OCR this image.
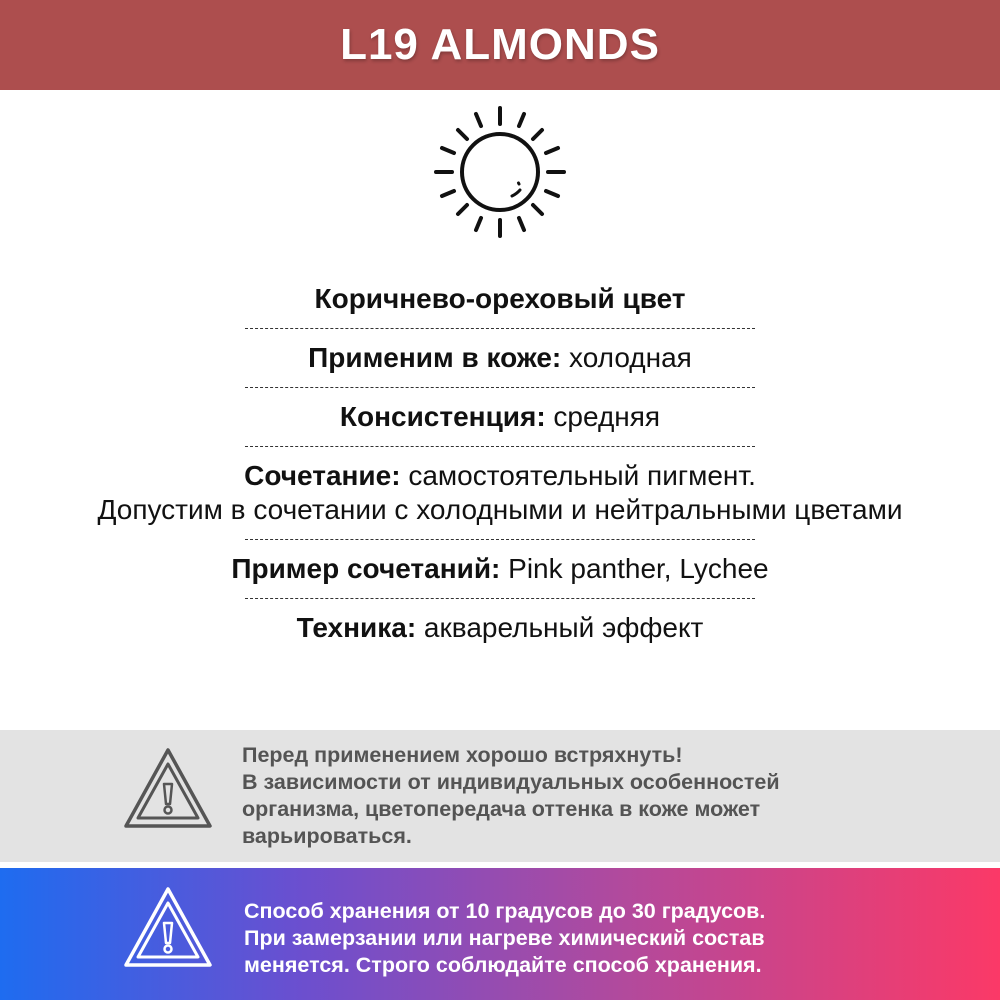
L19 ALMONDS
Коричнево-ореховый цвет
Применим в коже: холодная
Консистенция: средняя
Сочетание: самостоятельный пигмент.
Допустим в сочетании с холодными и нейтральными цветами
Пример сочетаний: Pink panther, Lychee
Техника: акварельный эффект
Перед применением хорошо встряхнуть!
В зависимости от индивидуальных особенностей
организма, цветопередача оттенка в коже может
варьироваться.
Способ хранения от 10 градусов до 30 градусов.
При замерзании или нагреве химический состав
меняется. Строго соблюдайте способ хранения.
